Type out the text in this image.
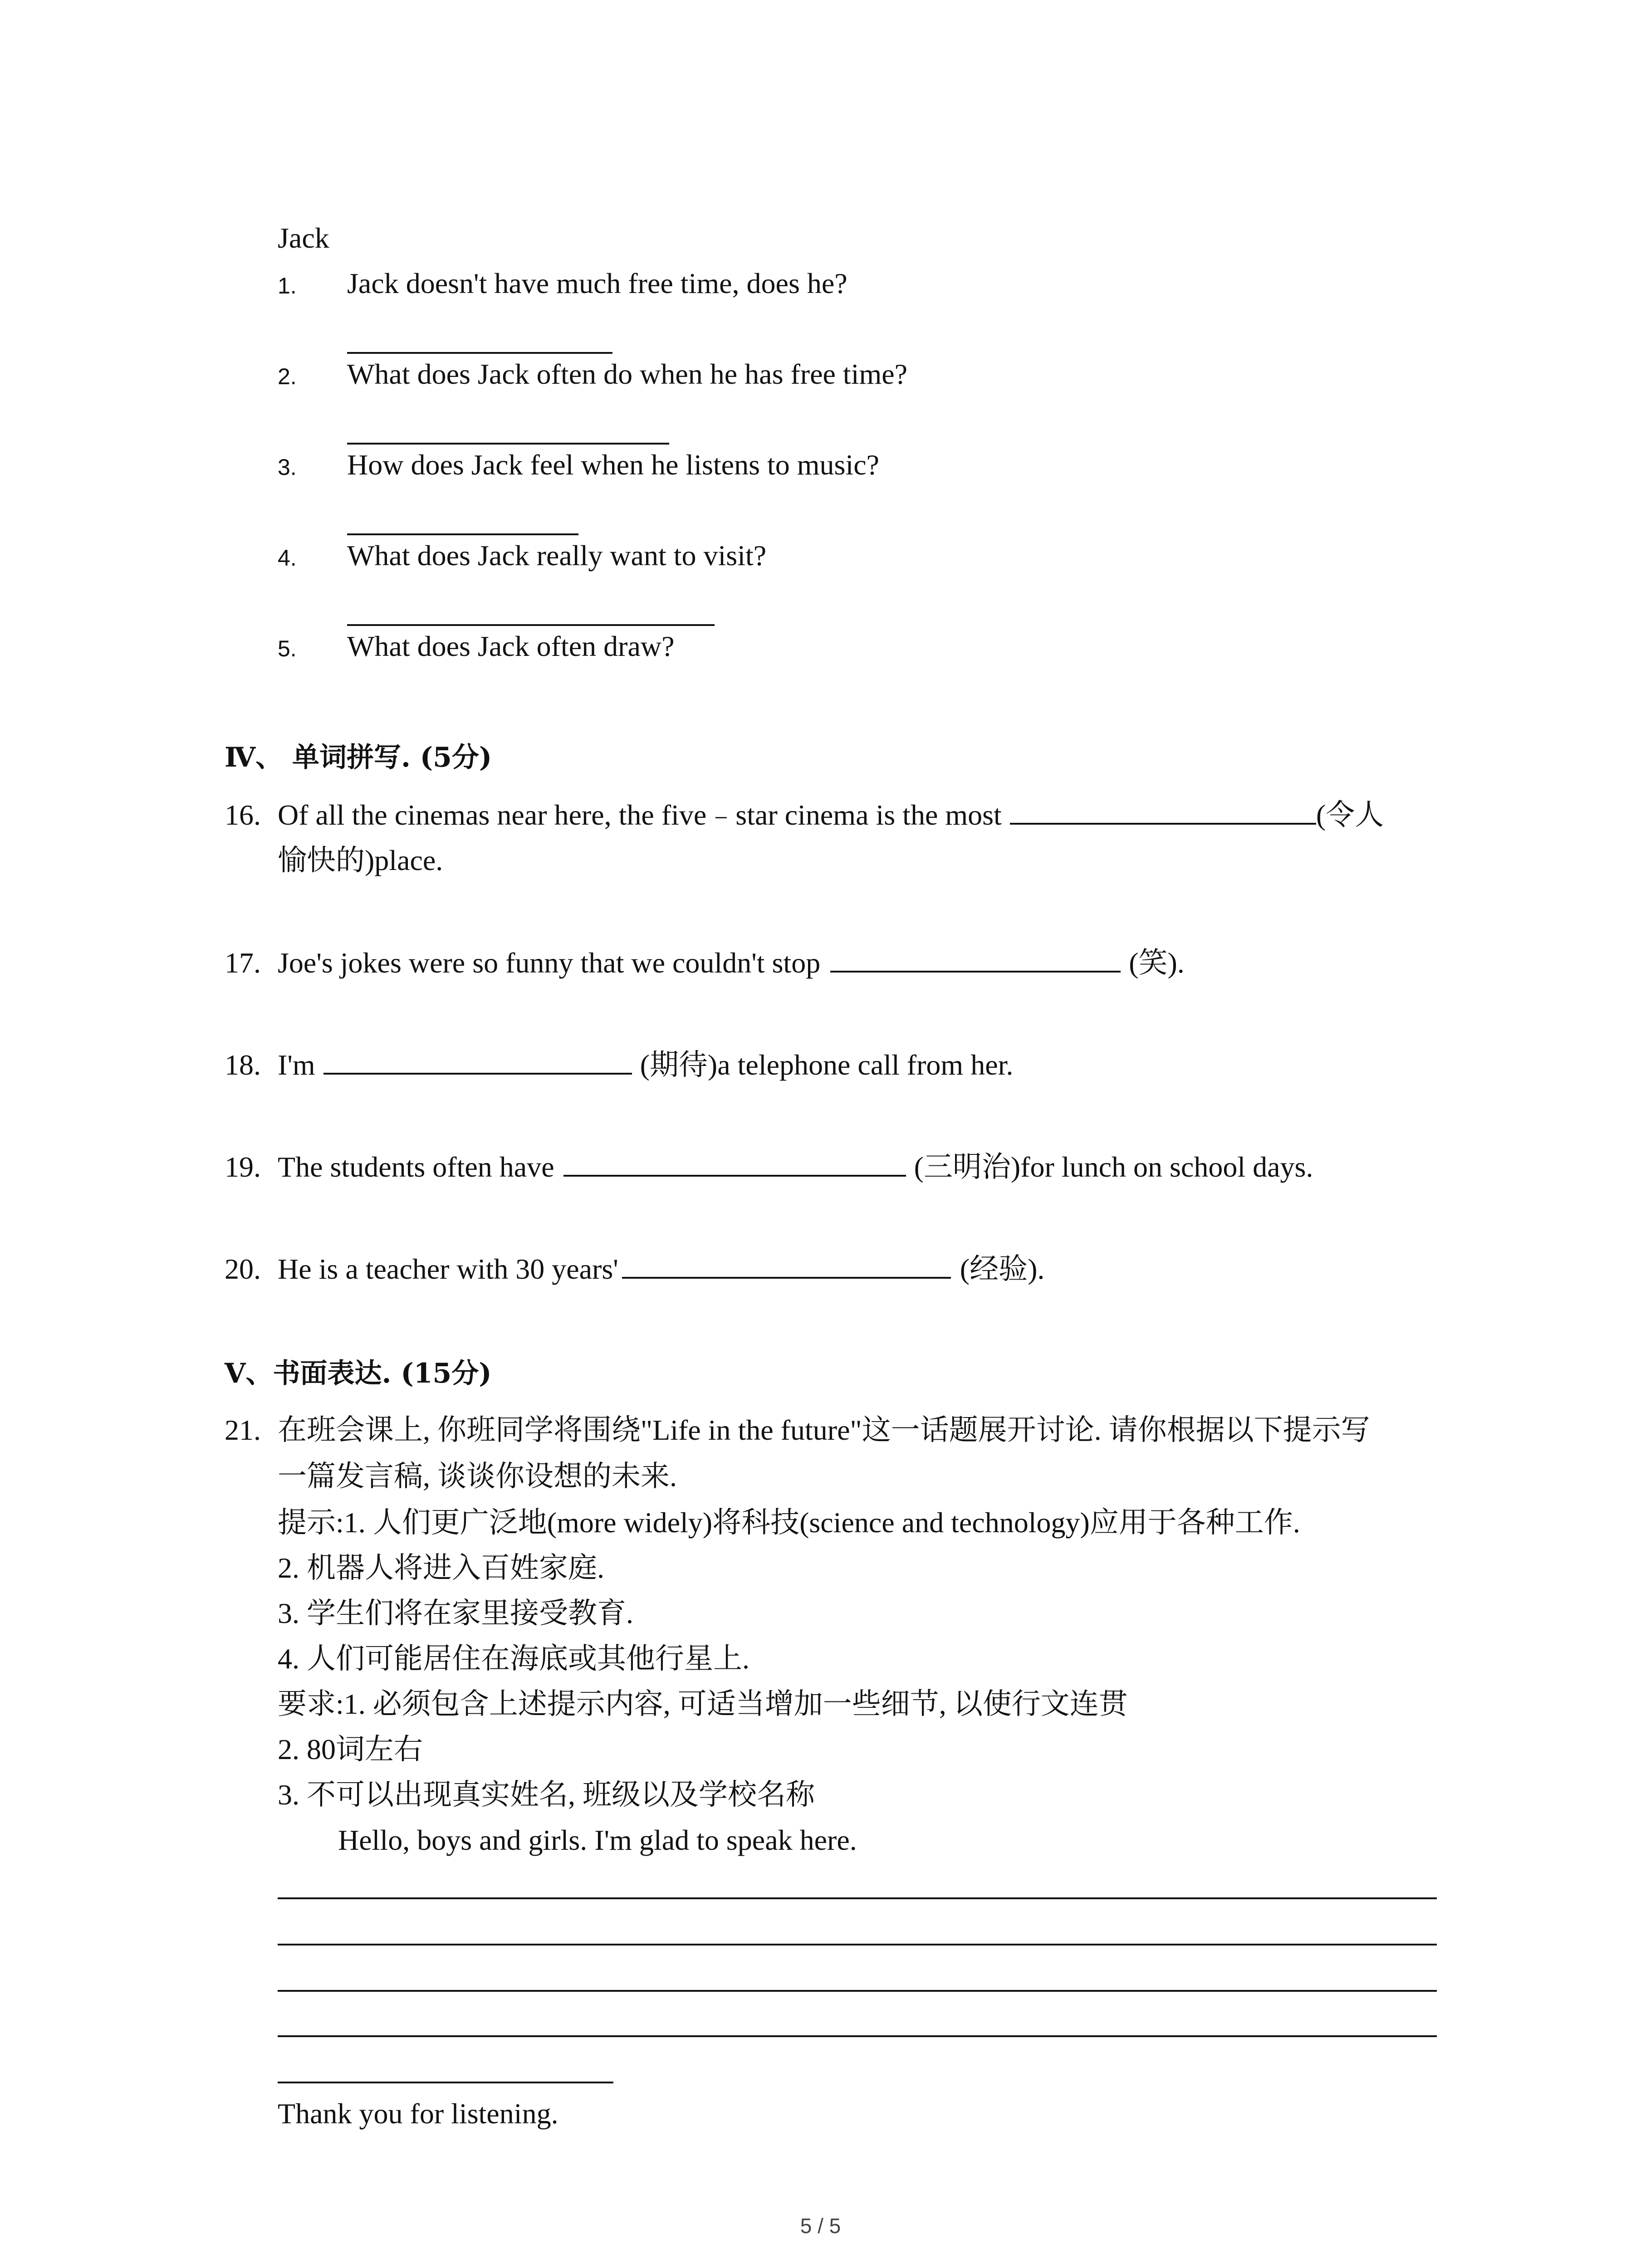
Jack
1. Jack doesn't have much free time, does he?
2. What does Jack often do when he has free time?
3. How does Jack feel when he listens to music?
4. What does Jack really want to visit?
5. What does Jack often draw?
Ⅳ、 单词拼写. (5分)
16. Of all the cinemas near here, the five﹣star cinema is the most	(令人
愉快的)place.
17. Joe's jokes were so funny that we couldn't stop	(笑).
18. I'm	(期待)a telephone call from her.
19. The students often have	(三明治)for lunch on school days.
20. He is a teacher with 30 years'	(经验).
Ⅴ、书面表达. (15分)
21. 在班会课上, 你班同学将围绕"Life in the future"这一话题展开讨论. 请你根据以下提示写
一篇发言稿, 谈谈你设想的未来.
提示:1. 人们更广泛地(more widely)将科技(science and technology)应用于各种工作.
2. 机器人将进入百姓家庭.
3. 学生们将在家里接受教育.
4. 人们可能居住在海底或其他行星上.
要求:1. 必须包含上述提示内容, 可适当增加一些细节, 以使行文连贯
2. 80词左右
3. 不可以出现真实姓名, 班级以及学校名称
Hello, boys and girls. I'm glad to speak here.
Thank you for listening.
5 / 5
